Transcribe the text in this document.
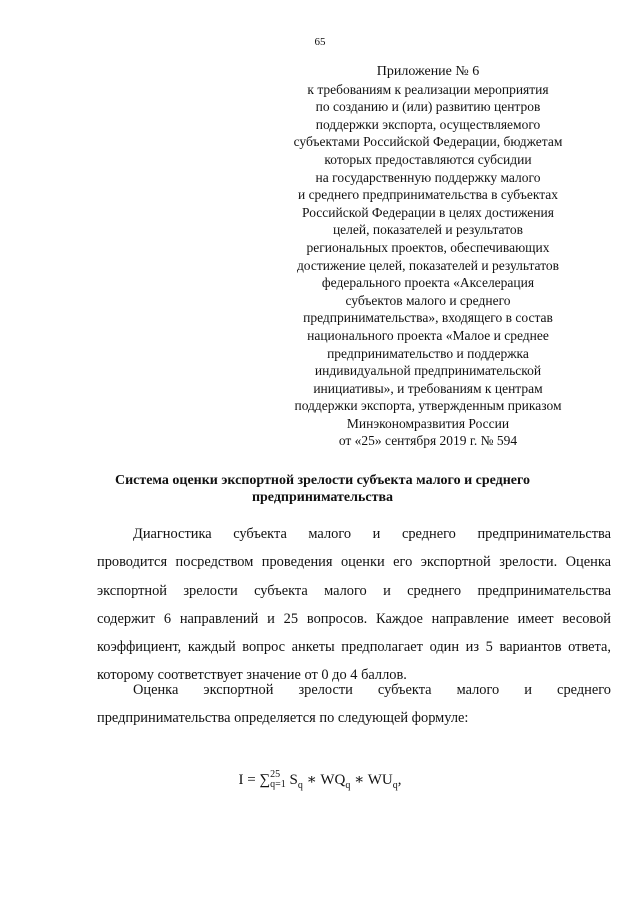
65
Приложение № 6
к требованиям к реализации мероприятия
по созданию и (или) развитию центров
поддержки экспорта, осуществляемого
субъектами Российской Федерации, бюджетам
которых предоставляются субсидии
на государственную поддержку малого
и среднего предпринимательства в субъектах
Российской Федерации в целях достижения
целей, показателей и результатов
региональных проектов, обеспечивающих
достижение целей, показателей и результатов
федерального проекта «Акселерация
субъектов малого и среднего
предпринимательства», входящего в состав
национального проекта «Малое и среднее
предпринимательство и поддержка
индивидуальной предпринимательской
инициативы», и требованиям к центрам
поддержки экспорта, утвержденным приказом
Минэкономразвития России
от «25» сентября 2019 г. № 594
Система оценки экспортной зрелости субъекта малого и среднего
предпринимательства
Диагностика субъекта малого и среднего предпринимательства
проводится посредством проведения оценки его экспортной зрелости. Оценка
экспортной зрелости субъекта малого и среднего предпринимательства
содержит 6 направлений и 25 вопросов. Каждое направление имеет весовой
коэффициент, каждый вопрос анкеты предполагает один из 5 вариантов ответа,
которому соответствует значение от 0 до 4 баллов.
Оценка экспортной зрелости субъекта малого и среднего
предпринимательства определяется по следующей формуле:
I = ∑25
q=1 $S_q$ ∗ $WQ_q$ ∗ $WU_q$,
